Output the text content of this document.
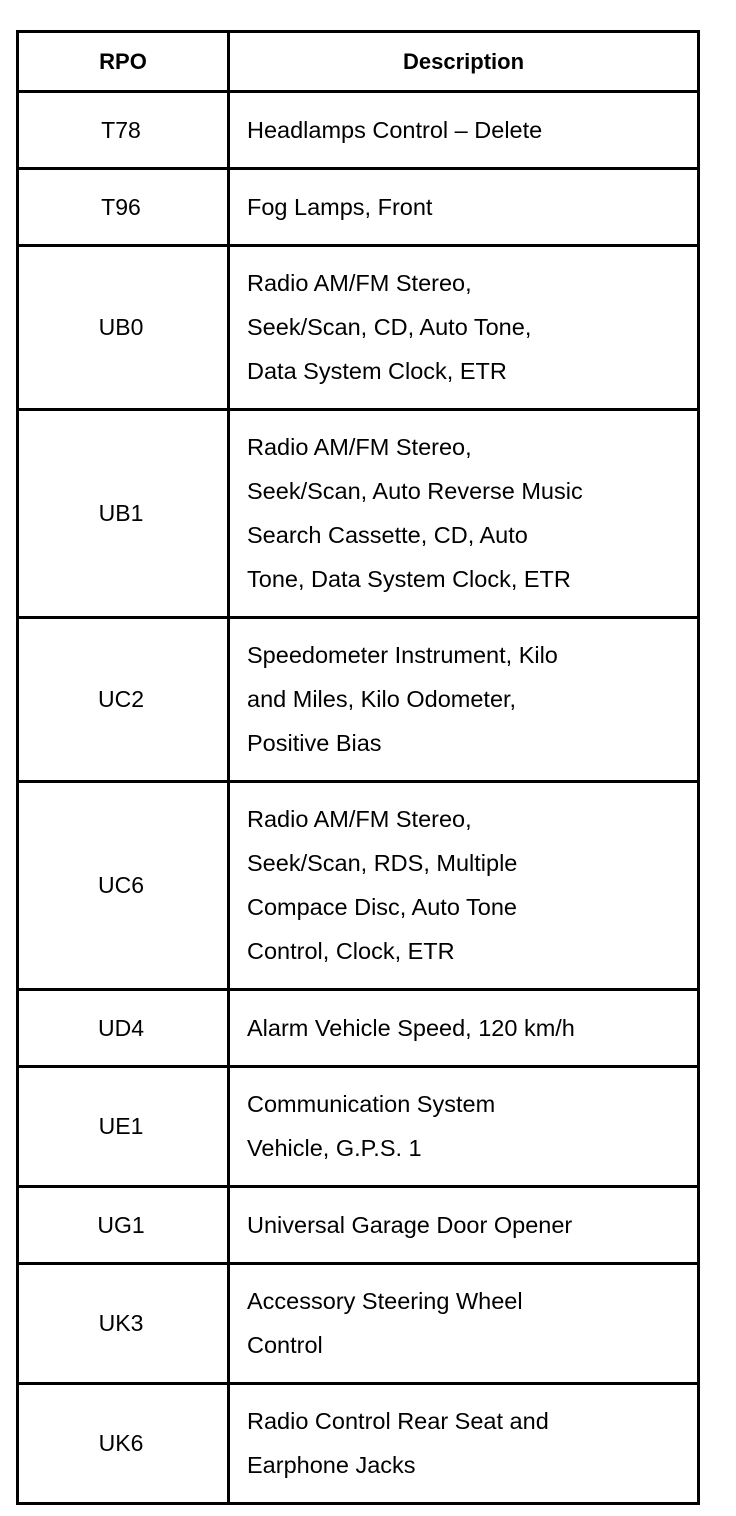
RPO	Description
T78	Headlamps Control – Delete

T96	Fog Lamps, Front

UB0	Radio AM/FM Stereo,
Seek/Scan, CD, Auto Tone,
Data System Clock, ETR

UB1	Radio AM/FM Stereo,
Seek/Scan, Auto Reverse Music
Search Cassette, CD, Auto
Tone, Data System Clock, ETR

UC2	Speedometer Instrument, Kilo
and Miles, Kilo Odometer,
Positive Bias

UC6	Radio AM/FM Stereo,
Seek/Scan, RDS, Multiple
Compace Disc, Auto Tone
Control, Clock, ETR

UD4	Alarm Vehicle Speed, 120 km/h

UE1	Communication System
Vehicle, G.P.S. 1

UG1	Universal Garage Door Opener

UK3	Accessory Steering Wheel
Control

UK6	Radio Control Rear Seat and
Earphone Jacks
